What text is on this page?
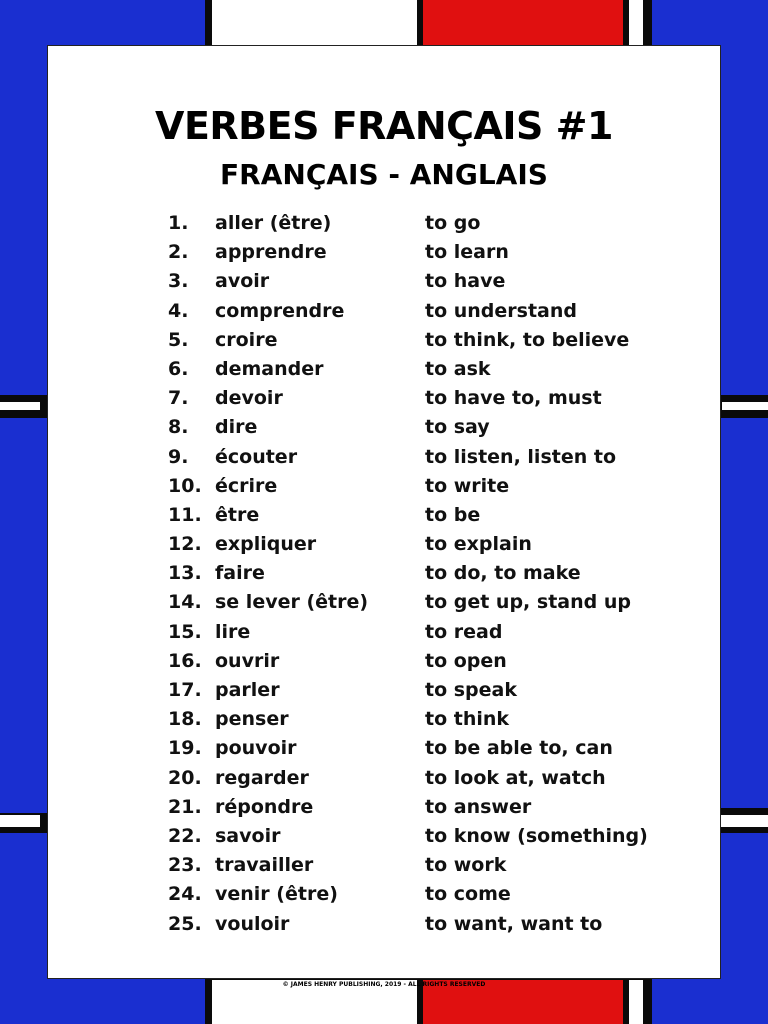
VERBES FRANÇAIS #1
FRANÇAIS - ANGLAIS
1. aller (être)	to go
2. apprendre	to learn
3. avoir	to have
4. comprendre	to understand
5. croire	to think, to believe
6. demander	to ask
7. devoir	to have to, must
8. dire	to say
9. écouter	to listen, listen to
10. écrire	to write
11. être	to be
12. expliquer	to explain
13. faire	to do, to make
14. se lever (être)	to get up, stand up
15. lire	to read
16. ouvrir	to open
17. parler	to speak
18. penser	to think
19. pouvoir	to be able to, can
20. regarder	to look at, watch
21. répondre	to answer
22. savoir	to know (something)
23. travailler	to work
24. venir (être)	to come
25. vouloir	to want, want to
© JAMES HENRY PUBLISHING, 2019 - ALL RIGHTS RESERVED
